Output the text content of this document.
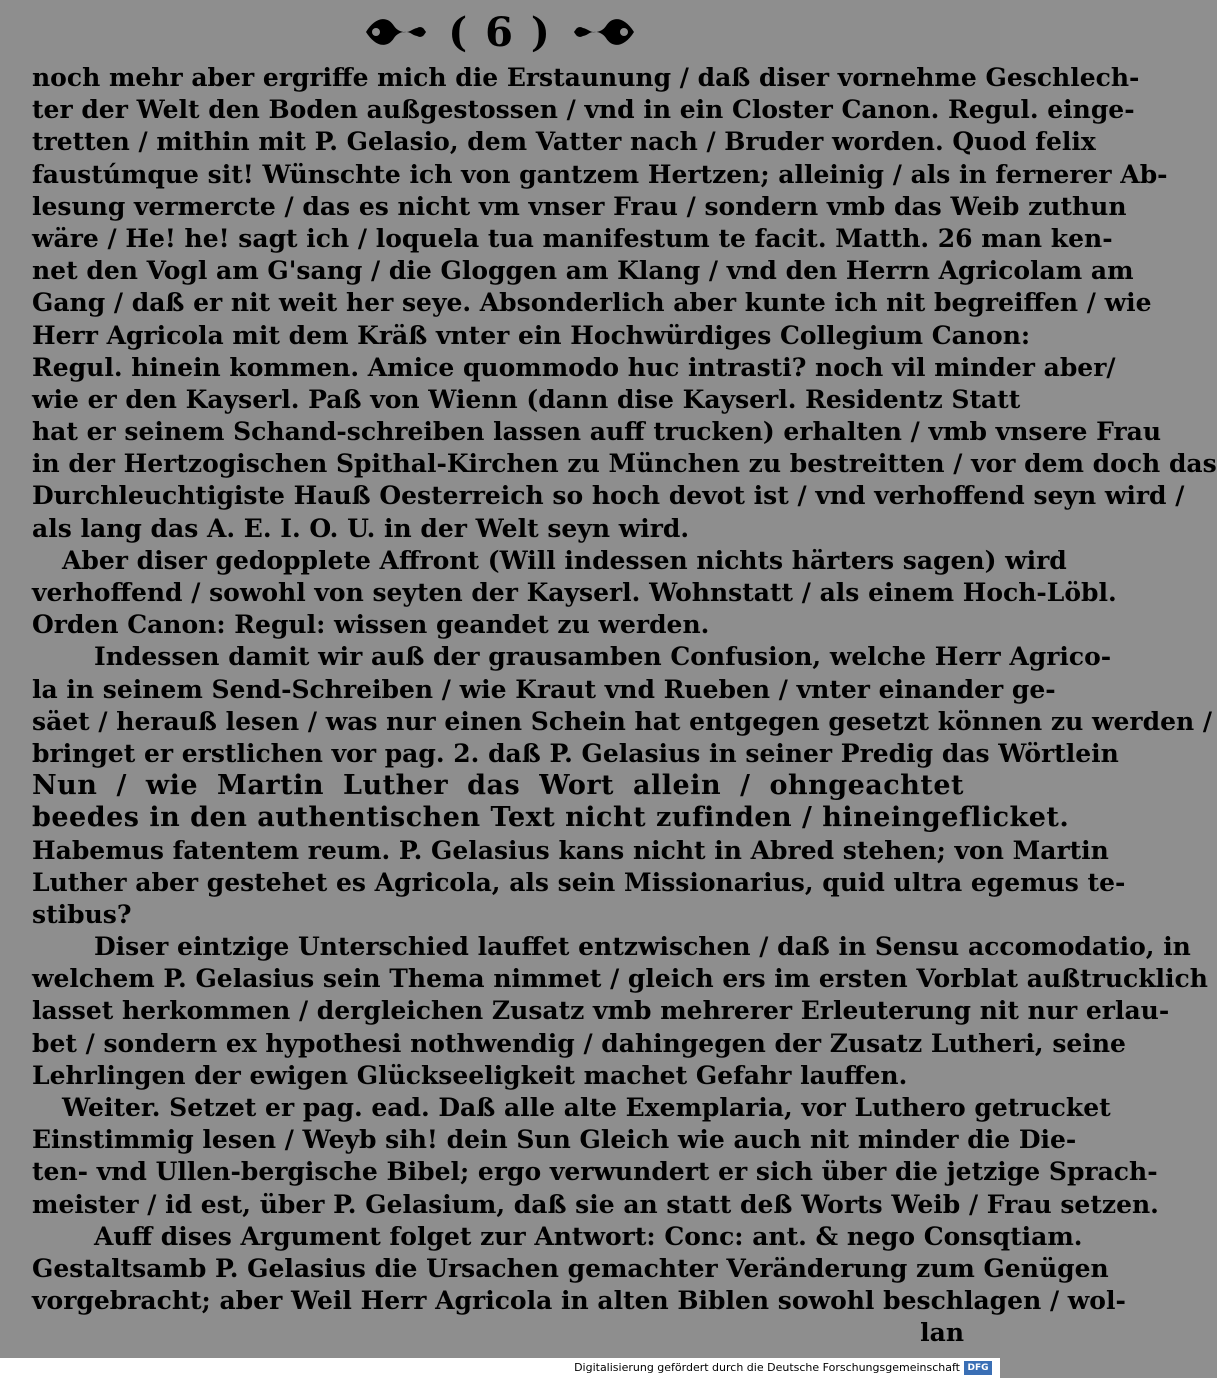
( 6 )
noch mehr aber ergriffe mich die Erstaunung / daß diser vornehme Geschlech-
ter der Welt den Boden außgestossen / vnd in ein Closter Canon. Regul. einge-
tretten / mithin mit P. Gelasio, dem Vatter nach / Bruder worden. Quod felix
faustúmque sit! Wünschte ich von gantzem Hertzen; alleinig / als in fernerer Ab-
lesung vermercte / das es nicht vm vnser Frau / sondern vmb das Weib zuthun
wäre / He! he! sagt ich / loquela tua manifestum te facit. Matth. 26 man ken-
net den Vogl am G'sang / die Gloggen am Klang / vnd den Herrn Agricolam am
Gang / daß er nit weit her seye. Absonderlich aber kunte ich nit begreiffen / wie
Herr Agricola mit dem Kräß vnter ein Hochwürdiges Collegium Canon:
Regul. hinein kommen. Amice quommodo huc intrasti? noch vil minder aber/
wie er den Kayserl. Paß von Wienn (dann dise Kayserl. Residentz Statt
hat er seinem Schand-schreiben lassen auff trucken) erhalten / vmb vnsere Frau
in der Hertzogischen Spithal-Kirchen zu München zu bestreitten / vor dem doch das
Durchleuchtigiste Hauß Oesterreich so hoch devot ist / vnd verhoffend seyn wird /
als lang das A. E. I. O. U. in der Welt seyn wird.
Aber diser gedopplete Affront (Will indessen nichts härters sagen) wird
verhoffend / sowohl von seyten der Kayserl. Wohnstatt / als einem Hoch-Löbl.
Orden Canon: Regul: wissen geandet zu werden.
Indessen damit wir auß der grausamben Confusion, welche Herr Agrico-
la in seinem Send-Schreiben / wie Kraut vnd Rueben / vnter einander ge-
säet / herauß lesen / was nur einen Schein hat entgegen gesetzt können zu werden /
bringet er erstlichen vor pag. 2. daß P. Gelasius in seiner Predig das Wörtlein
Nun / wie Martin Luther das Wort allein / ohngeachtet
beedes in den authentischen Text nicht zufinden / hineingeflicket.
Habemus fatentem reum. P. Gelasius kans nicht in Abred stehen; von Martin
Luther aber gestehet es Agricola, als sein Missionarius, quid ultra egemus te-
stibus?
Diser eintzige Unterschied lauffet entzwischen / daß in Sensu accomodatio, in
welchem P. Gelasius sein Thema nimmet / gleich ers im ersten Vorblat außtrucklich
lasset herkommen / dergleichen Zusatz vmb mehrerer Erleuterung nit nur erlau-
bet / sondern ex hypothesi nothwendig / dahingegen der Zusatz Lutheri, seine
Lehrlingen der ewigen Glückseeligkeit machet Gefahr lauffen.
Weiter. Setzet er pag. ead. Daß alle alte Exemplaria, vor Luthero getrucket
Einstimmig lesen / Weyb sih! dein Sun Gleich wie auch nit minder die Die-
ten- vnd Ullen-bergische Bibel; ergo verwundert er sich über die jetzige Sprach-
meister / id est, über P. Gelasium, daß sie an statt deß Worts Weib / Frau setzen.
Auff dises Argument folget zur Antwort: Conc: ant. & nego Consqtiam.
Gestaltsamb P. Gelasius die Ursachen gemachter Veränderung zum Genügen
vorgebracht; aber Weil Herr Agricola in alten Biblen sowohl beschlagen / wol-
lan
Digitalisierung gefördert durch die Deutsche Forschungsgemeinschaft DFG
